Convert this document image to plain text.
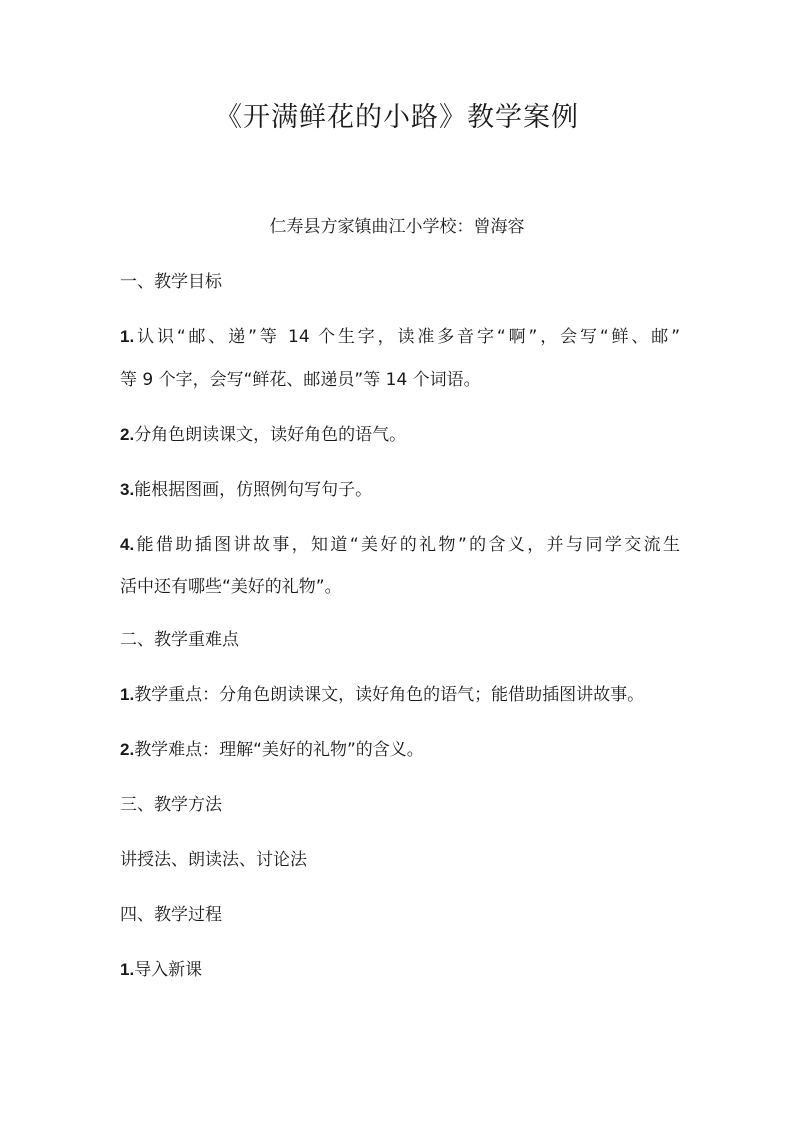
《开满鲜花的小路》教学案例
仁寿县方家镇曲江小学校：曾海容
一、教学目标
1.认识“邮、递”等 14 个生字，读准多音字“啊”，会写“鲜、邮”
等 9 个字，会写“鲜花、邮递员”等 14 个词语。
2.分角色朗读课文，读好角色的语气。
3.能根据图画，仿照例句写句子。
4.能借助插图讲故事，知道“美好的礼物”的含义，并与同学交流生
活中还有哪些“美好的礼物”。
二、教学重难点
1.教学重点：分角色朗读课文，读好角色的语气；能借助插图讲故事。
2.教学难点：理解“美好的礼物”的含义。
三、教学方法
讲授法、朗读法、讨论法
四、教学过程
1.导入新课
